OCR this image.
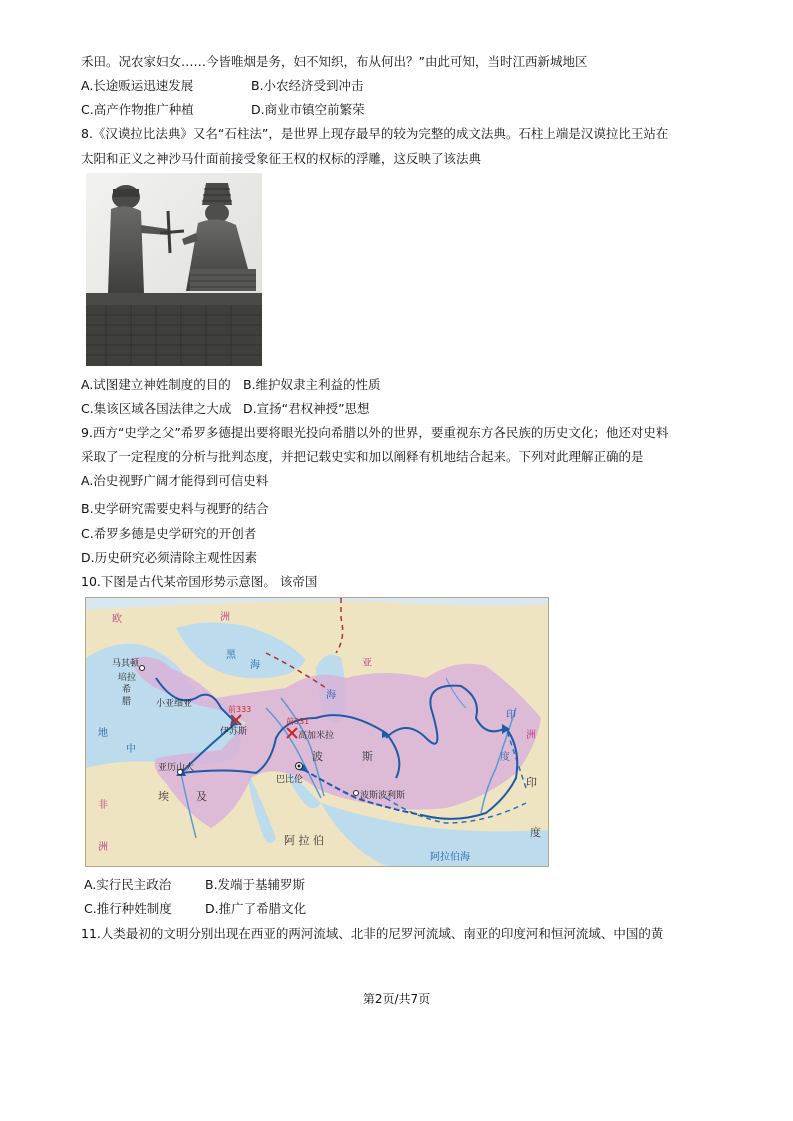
禾田。况农家妇女……今皆唯烟是务，妇不知织，布从何出？”由此可知，当时江西新城地区
A.长途贩运迅速发展	B.小农经济受到冲击
C.高产作物推广种植	D.商业市镇空前繁荣
8.《汉谟拉比法典》又名“石柱法”，是世界上现存最早的较为完整的成文法典。石柱上端是汉谟拉比王站在
太阳和正义之神沙马什面前接受象征王权的权标的浮雕，这反映了该法典
A.试图建立神姓制度的目的 B.维护奴隶主利益的性质
C.集该区域各国法律之大成 D.宣扬“君权神授”思想
9.西方“史学之父”希罗多德提出要将眼光投向希腊以外的世界，要重视东方各民族的历史文化；他还对史料
采取了一定程度的分析与批判态度，并把记载史实和加以阐释有机地结合起来。下列对此理解正确的是
A.治史视野广阔才能得到可信史料
B.史学研究需要史料与视野的结合
C.希罗多德是史学研究的开创者
D.历史研究必须清除主观性因素
10.下图是古代某帝国形势示意图。 该帝国
欧	洲
马其顿
培拉
希
腊	小亚细亚
黑
海
海
亚
洲
地
中
前333
伊苏斯
前331
高加米拉
波	斯
巴比伦
波斯波利斯
亚历山大
埃 及
阿 拉 伯
非
洲
印
度
阿拉伯海
印
度
A.实行民主政治	B.发端于基辅罗斯
C.推行种姓制度	D.推广了希腊文化
11.人类最初的文明分别出现在西亚的两河流域、北非的尼罗河流域、南亚的印度河和恒河流域、中国的黄
第2页/共7页
